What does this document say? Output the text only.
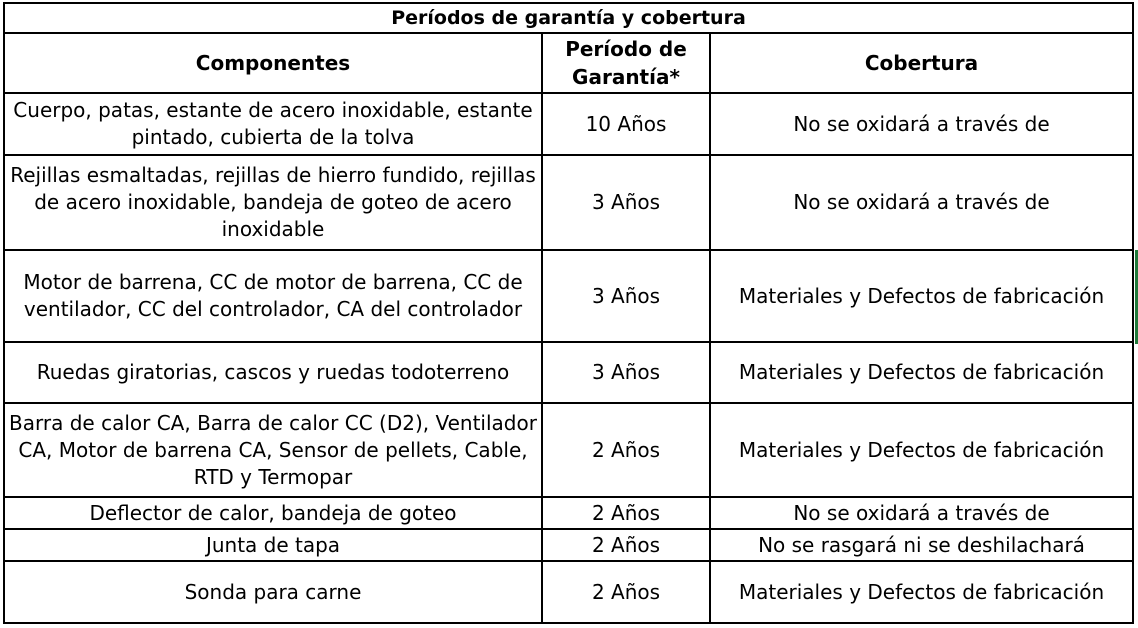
Períodos de garantía y cobertura		
Componentes	Período de Garantía*	Cobertura
Cuerpo, patas, estante de acero inoxidable, estante pintado, cubierta de la tolva	10 Años	No se oxidará a través de
Rejillas esmaltadas, rejillas de hierro fundido, rejillas de acero inoxidable, bandeja de goteo de acero inoxidable	3 Años	No se oxidará a través de
Motor de barrena, CC de motor de barrena, CC de ventilador, CC del controlador, CA del controlador	3 Años	Materiales y Defectos de fabricación
Ruedas giratorias, cascos y ruedas todoterreno	3 Años	Materiales y Defectos de fabricación
Barra de calor CA, Barra de calor CC (D2), Ventilador CA, Motor de barrena CA, Sensor de pellets, Cable, RTD y Termopar	2 Años	Materiales y Defectos de fabricación
Deflector de calor, bandeja de goteo	2 Años	No se oxidará a través de
Junta de tapa	2 Años	No se rasgará ni se deshilachará
Sonda para carne	2 Años	Materiales y Defectos de fabricación
